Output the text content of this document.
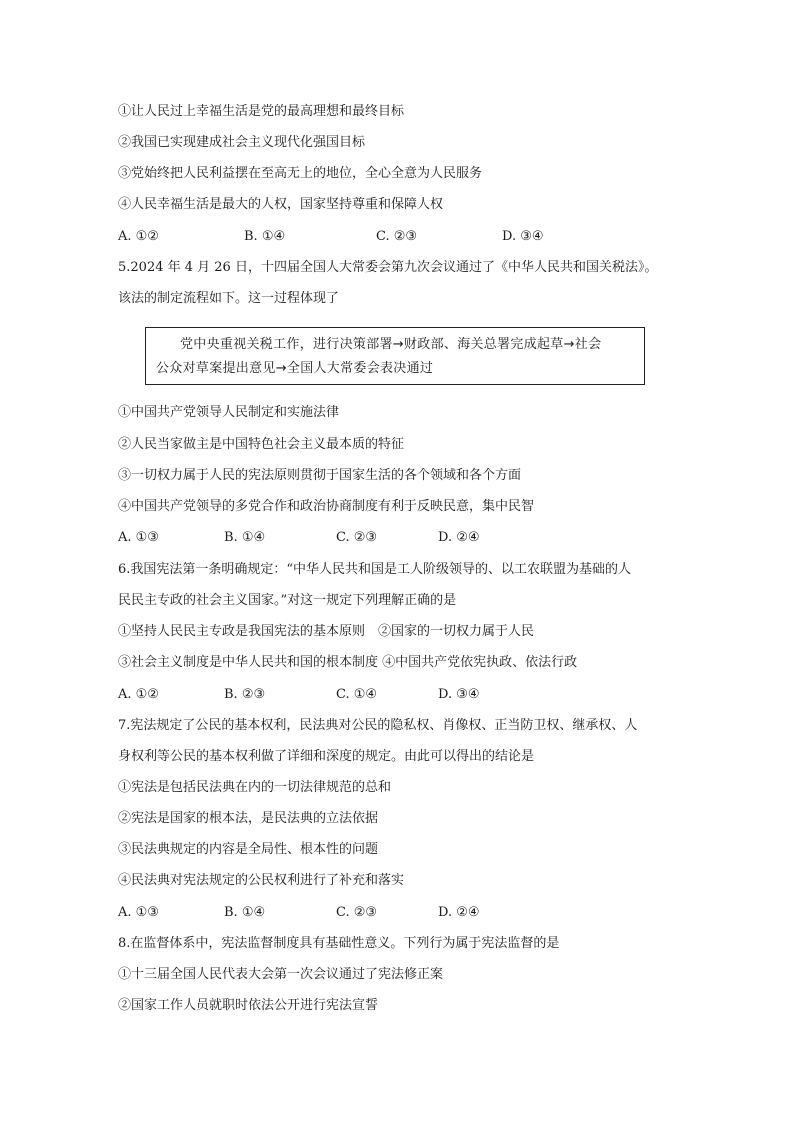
①让人民过上幸福生活是党的最高理想和最终目标
②我国已实现建成社会主义现代化强国目标
③党始终把人民利益摆在至高无上的地位，全心全意为人民服务
④人民幸福生活是最大的人权，国家坚持尊重和保障人权
A. ①②	B. ①④	C. ②③	D. ③④
5.2024 年 4 月 26 日，十四届全国人大常委会第九次会议通过了《中华人民共和国关税法》。
该法的制定流程如下。这一过程体现了
党中央重视关税工作，进行决策部署→财政部、海关总署完成起草→社会
公众对草案提出意见→全国人大常委会表决通过
①中国共产党领导人民制定和实施法律
②人民当家做主是中国特色社会主义最本质的特征
③一切权力属于人民的宪法原则贯彻于国家生活的各个领域和各个方面
④中国共产党领导的多党合作和政治协商制度有利于反映民意，集中民智
A. ①③	B. ①④	C. ②③	D. ②④
6.我国宪法第一条明确规定：“中华人民共和国是工人阶级领导的、以工农联盟为基础的人
民民主专政的社会主义国家。”对这一规定下列理解正确的是
①坚持人民民主专政是我国宪法的基本原则　②国家的一切权力属于人民
③社会主义制度是中华人民共和国的根本制度 ④中国共产党依宪执政、依法行政
A. ①②	B. ②③	C. ①④	D. ③④
7.宪法规定了公民的基本权利，民法典对公民的隐私权、肖像权、正当防卫权、继承权、人
身权利等公民的基本权利做了详细和深度的规定。由此可以得出的结论是
①宪法是包括民法典在内的一切法律规范的总和
②宪法是国家的根本法，是民法典的立法依据
③民法典规定的内容是全局性、根本性的问题
④民法典对宪法规定的公民权利进行了补充和落实
A. ①③	B. ①④	C. ②③	D. ②④
8.在监督体系中，宪法监督制度具有基础性意义。下列行为属于宪法监督的是
①十三届全国人民代表大会第一次会议通过了宪法修正案
②国家工作人员就职时依法公开进行宪法宣誓
